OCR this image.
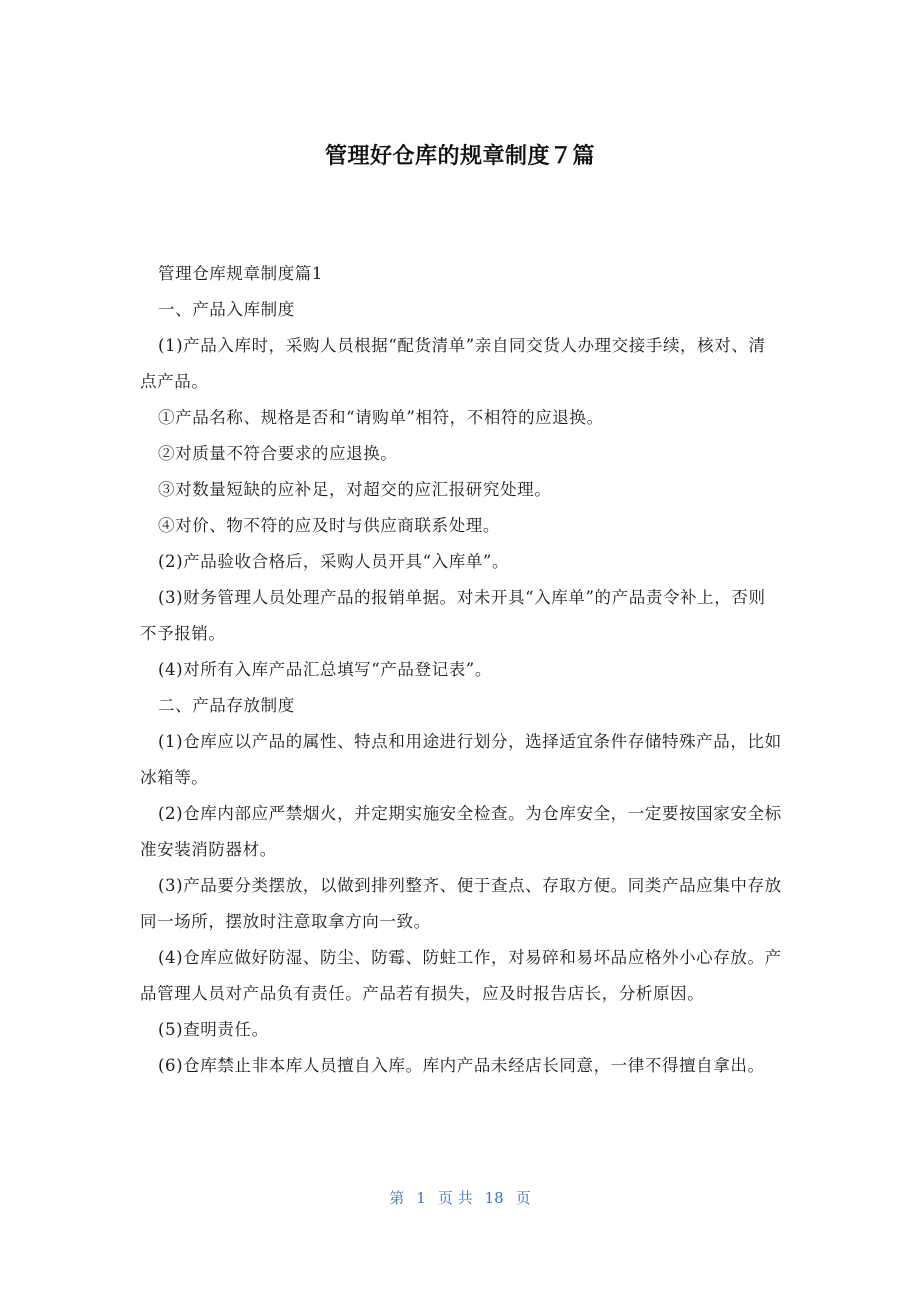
管理好仓库的规章制度７篇

管理仓库规章制度篇1

一、产品入库制度

(1)产品入库时，采购人员根据“配货清单”亲自同交货人办理交接手续，核对、清点产品。

①产品名称、规格是否和“请购单”相符，不相符的应退换。

②对质量不符合要求的应退换。

③对数量短缺的应补足，对超交的应汇报研究处理。

④对价、物不符的应及时与供应商联系处理。

(2)产品验收合格后，采购人员开具“入库单”。

(3)财务管理人员处理产品的报销单据。对未开具“入库单”的产品责令补上，否则不予报销。

(4)对所有入库产品汇总填写“产品登记表”。

二、产品存放制度

(1)仓库应以产品的属性、特点和用途进行划分，选择适宜条件存储特殊产品，比如冰箱等。

(2)仓库内部应严禁烟火，并定期实施安全检查。为仓库安全，一定要按国家安全标准安装消防器材。

(3)产品要分类摆放，以做到排列整齐、便于查点、存取方便。同类产品应集中存放同一场所，摆放时注意取拿方向一致。

(4)仓库应做好防湿、防尘、防霉、防蛀工作，对易碎和易坏品应格外小心存放。产品管理人员对产品负有责任。产品若有损失，应及时报告店长，分析原因。

(5)查明责任。

(6)仓库禁止非本库人员擅自入库。库内产品未经店长同意，一律不得擅自拿出。

第 1 页 共 18 页
